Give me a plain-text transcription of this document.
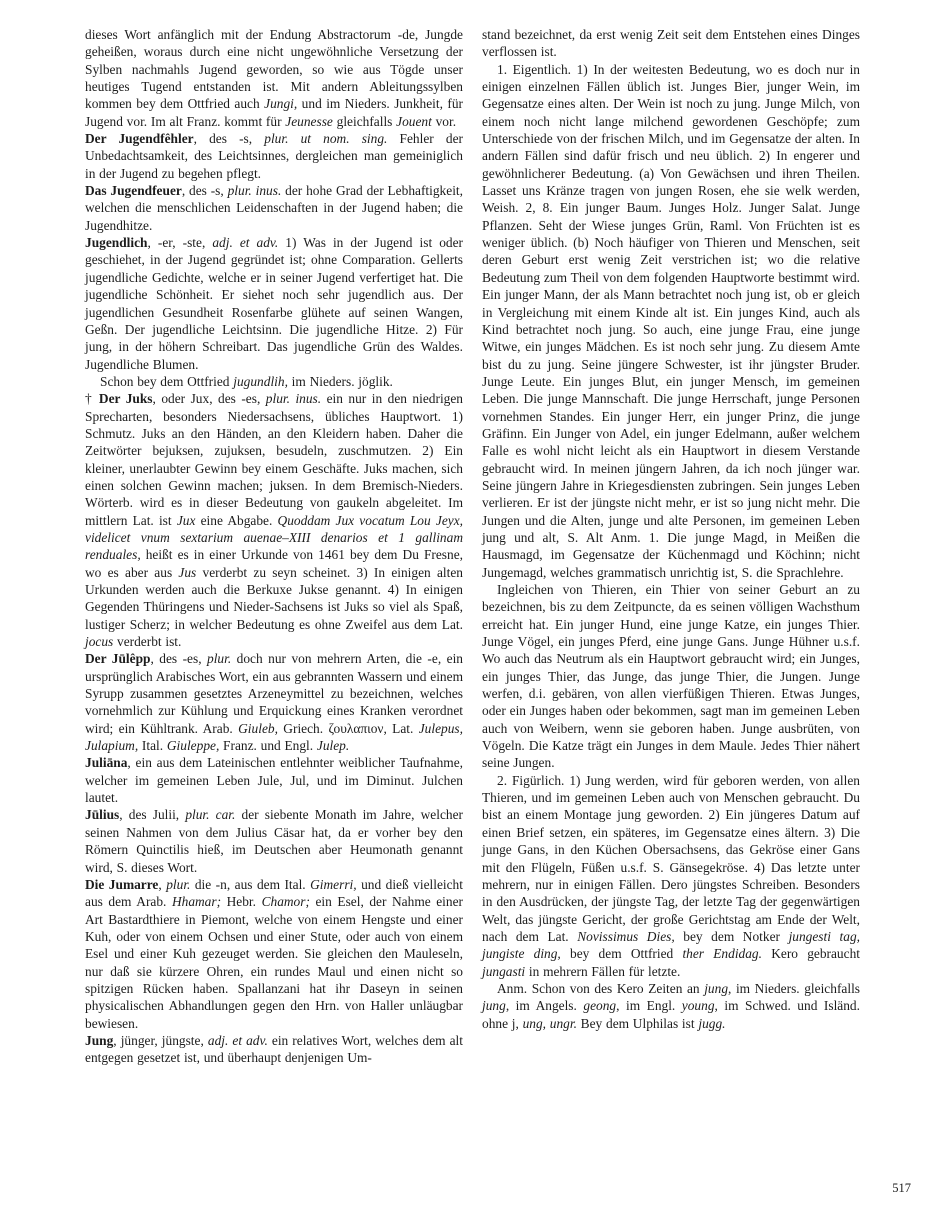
dieses Wort anfänglich mit der Endung Abstractorum -de, Jungde geheißen, woraus durch eine nicht ungewöhnliche Versetzung der Sylben nachmahls Jugend geworden, so wie aus Tögde unser heutiges Tugend entstanden ist. Mit andern Ableitungssylben kommen bey dem Ottfried auch Jungi, und im Nieders. Junkheit, für Jugend vor. Im alt Franz. kommt für Jeunesse gleichfalls Jouent vor.

Der Jugendfêhler, des -s, plur. ut nom. sing. Fehler der Unbedachtsamkeit, des Leichtsinnes, dergleichen man gemeiniglich in der Jugend zu begehen pflegt.

Das Jugendfeuer, des -s, plur. inus. der hohe Grad der Lebhaftigkeit, welchen die menschlichen Leidenschaften in der Jugend haben; die Jugendhitze.

Jugendlich, -er, -ste, adj. et adv. 1) Was in der Jugend ist oder geschiehet, in der Jugend gegründet ist; ohne Comparation. Gellerts jugendliche Gedichte, welche er in seiner Jugend verfertiget hat. Die jugendliche Schönheit. Er siehet noch sehr jugendlich aus. Der jugendlichen Gesundheit Rosenfarbe glühete auf seinen Wangen, Geßn. Der jugendliche Leichtsinn. Die jugendliche Hitze. 2) Für jung, in der höhern Schreibart. Das jugendliche Grün des Waldes. Jugendliche Blumen.

Schon bey dem Ottfried jugundlih, im Nieders. jöglik.

† Der Juks, oder Jux, des -es, plur. inus. ein nur in den niedrigen Sprecharten, besonders Niedersachsens, übliches Hauptwort. 1) Schmutz. Juks an den Händen, an den Kleidern haben. Daher die Zeitwörter bejuksen, zujuksen, besudeln, zuschmutzen. 2) Ein kleiner, unerlaubter Gewinn bey einem Geschäfte. Juks machen, sich einen solchen Gewinn machen; juksen. In dem Bremisch-Nieders. Wörterb. wird es in dieser Bedeutung von gaukeln abgeleitet. Im mittlern Lat. ist Jux eine Abgabe. Quoddam Jux vocatum Lou Jeyx, videlicet vnum sextarium auenae–XIII denarios et 1 gallinam renduales, heißt es in einer Urkunde von 1461 bey dem Du Fresne, wo es aber aus Jus verderbt zu seyn scheinet. 3) In einigen alten Urkunden werden auch die Berkuxe Jukse genannt. 4) In einigen Gegenden Thüringens und Nieder-Sachsens ist Juks so viel als Spaß, lustiger Scherz; in welcher Bedeutung es ohne Zweifel aus dem Lat. jocus verderbt ist.

Der Jūlêpp, des -es, plur. doch nur von mehrern Arten, die -e, ein ursprünglich Arabisches Wort, ein aus gebrannten Wassern und einem Syrupp zusammen gesetztes Arzeneymittel zu bezeichnen, welches vornehmlich zur Kühlung und Erquickung eines Kranken verordnet wird; ein Kühltrank. Arab. Giuleb, Griech. ζουλαπιον, Lat. Julepus, Julapium, Ital. Giuleppe, Franz. und Engl. Julep.

Juliāna, ein aus dem Lateinischen entlehnter weiblicher Taufnahme, welcher im gemeinen Leben Jule, Jul, und im Diminut. Julchen lautet.

Jūlius, des Julii, plur. car. der siebente Monath im Jahre, welcher seinen Nahmen von dem Julius Cäsar hat, da er vorher bey den Römern Quinctilis hieß, im Deutschen aber Heumonath genannt wird, S. dieses Wort.

Die Jumarre, plur. die -n, aus dem Ital. Gimerri, und dieß vielleicht aus dem Arab. Hhamar; Hebr. Chamor; ein Esel, der Nahme einer Art Bastardthiere in Piemont, welche von einem Hengste und einer Kuh, oder von einem Ochsen und einer Stute, oder auch von einem Esel und einer Kuh gezeuget werden. Sie gleichen den Mauleseln, nur daß sie kürzere Ohren, ein rundes Maul und einen nicht so spitzigen Rücken haben. Spallanzani hat ihr Daseyn in seinen physicalischen Abhandlungen gegen den Hrn. von Haller unläugbar bewiesen.

Jung, jünger, jüngste, adj. et adv. ein relatives Wort, welches dem alt entgegen gesetzet ist, und überhaupt denjenigen Um-

stand bezeichnet, da erst wenig Zeit seit dem Entstehen eines Dinges verflossen ist.

1. Eigentlich. 1) In der weitesten Bedeutung, wo es doch nur in einigen einzelnen Fällen üblich ist. Junges Bier, junger Wein, im Gegensatze eines alten. Der Wein ist noch zu jung. Junge Milch, von einem noch nicht lange milchend gewordenen Geschöpfe; zum Unterschiede von der frischen Milch, und im Gegensatze der alten. In andern Fällen sind dafür frisch und neu üblich. 2) In engerer und gewöhnlicherer Bedeutung. (a) Von Gewächsen und ihren Theilen. Lasset uns Kränze tragen von jungen Rosen, ehe sie welk werden, Weish. 2, 8. Ein junger Baum. Junges Holz. Junger Salat. Junge Pflanzen. Seht der Wiese junges Grün, Raml. Von Früchten ist es weniger üblich. (b) Noch häufiger von Thieren und Menschen, seit deren Geburt erst wenig Zeit verstrichen ist; wo die relative Bedeutung zum Theil von dem folgenden Hauptworte bestimmt wird. Ein junger Mann, der als Mann betrachtet noch jung ist, ob er gleich in Vergleichung mit einem Kinde alt ist. Ein junges Kind, auch als Kind betrachtet noch jung. So auch, eine junge Frau, eine junge Witwe, ein junges Mädchen. Es ist noch sehr jung. Zu diesem Amte bist du zu jung. Seine jüngere Schwester, ist ihr jüngster Bruder. Junge Leute. Ein junges Blut, ein junger Mensch, im gemeinen Leben. Die junge Mannschaft. Die junge Herrschaft, junge Personen vornehmen Standes. Ein junger Herr, ein junger Prinz, die junge Gräfinn. Ein Junger von Adel, ein junger Edelmann, außer welchem Falle es wohl nicht leicht als ein Hauptwort in diesem Verstande gebraucht wird. In meinen jüngern Jahren, da ich noch jünger war. Seine jüngern Jahre in Kriegesdiensten zubringen. Sein junges Leben verlieren. Er ist der jüngste nicht mehr, er ist so jung nicht mehr. Die Jungen und die Alten, junge und alte Personen, im gemeinen Leben jung und alt, S. Alt Anm. 1. Die junge Magd, in Meißen die Hausmagd, im Gegensatze der Küchenmagd und Köchinn; nicht Jungemagd, welches grammatisch unrichtig ist, S. die Sprachlehre.

Ingleichen von Thieren, ein Thier von seiner Geburt an zu bezeichnen, bis zu dem Zeitpuncte, da es seinen völligen Wachsthum erreicht hat. Ein junger Hund, eine junge Katze, ein junges Thier. Junge Vögel, ein junges Pferd, eine junge Gans. Junge Hühner u.s.f. Wo auch das Neutrum als ein Hauptwort gebraucht wird; ein Junges, ein junges Thier, das Junge, das junge Thier, die Jungen. Junge werfen, d.i. gebären, von allen vierfüßigen Thieren. Etwas Junges, oder ein Junges haben oder bekommen, sagt man im gemeinen Leben auch von Weibern, wenn sie geboren haben. Junge ausbrüten, von Vögeln. Die Katze trägt ein Junges in dem Maule. Jedes Thier nähert seine Jungen.

2. Figürlich. 1) Jung werden, wird für geboren werden, von allen Thieren, und im gemeinen Leben auch von Menschen gebraucht. Du bist an einem Montage jung geworden. 2) Ein jüngeres Datum auf einen Brief setzen, ein späteres, im Gegensatze eines ältern. 3) Die junge Gans, in den Küchen Obersachsens, das Gekröse einer Gans mit den Flügeln, Füßen u.s.f. S. Gänsegekröse. 4) Das letzte unter mehrern, nur in einigen Fällen. Dero jüngstes Schreiben. Besonders in den Ausdrücken, der jüngste Tag, der letzte Tag der gegenwärtigen Welt, das jüngste Gericht, der große Gerichtstag am Ende der Welt, nach dem Lat. Novissimus Dies, bey dem Notker jungesti tag, jungiste ding, bey dem Ottfried ther Endidag. Kero gebraucht jungasti in mehrern Fällen für letzte.

Anm. Schon von des Kero Zeiten an jung, im Nieders. gleichfalls jung, im Angels. geong, im Engl. young, im Schwed. und Isländ. ohne j, ung, ungr. Bey dem Ulphilas ist jugg.

517
